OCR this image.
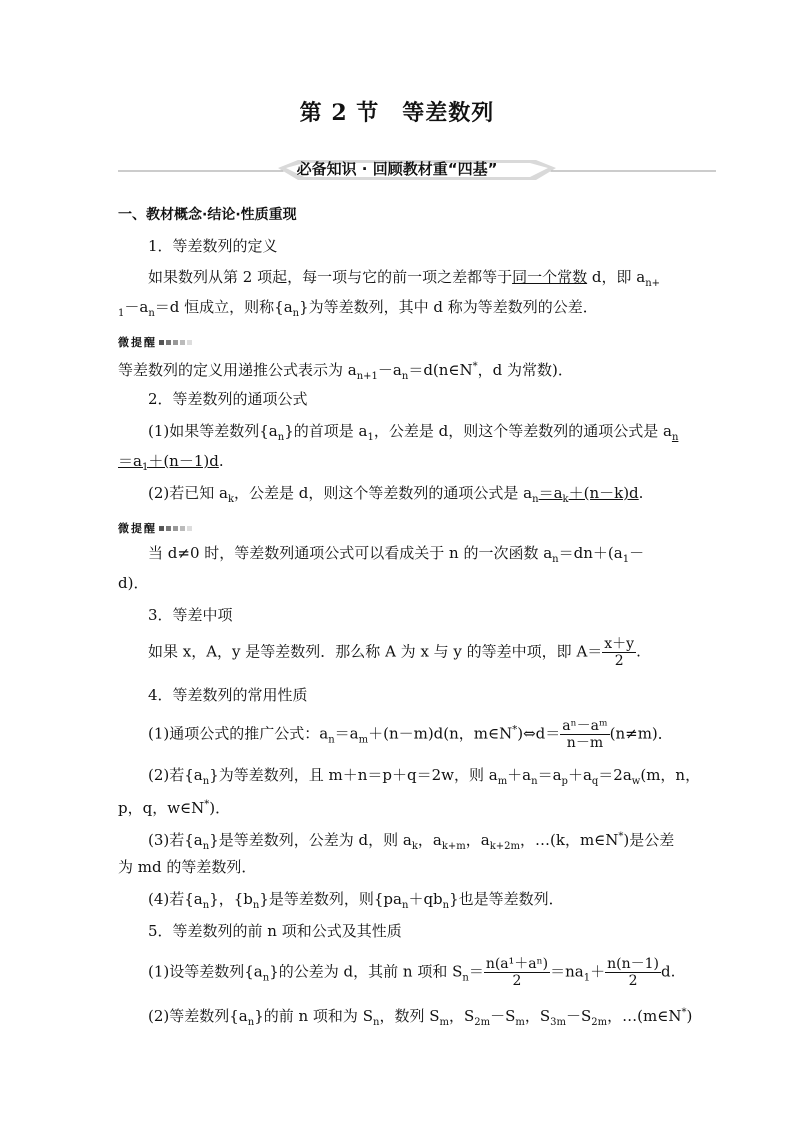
第 2 节　等差数列
必备知识 · 回顾教材重“四基”
一、教材概念·结论·性质重现
1．等差数列的定义
如果数列从第 2 项起，每一项与它的前一项之差都等于同一个常数 d，即 $a_{n+}$
$_1-a_n=d$ 恒成立，则称$\{a_n\}$为等差数列，其中 d 称为等差数列的公差．
微提醒
等差数列的定义用递推公式表示为 $a_{n+1}-a_n=d(n\in N^*$，d 为常数)．
2．等差数列的通项公式
(1)如果等差数列$\{a_n\}$的首项是 $a_1$，公差是 d，则这个等差数列的通项公式是 $a_n$
$=a_1+(n-1)d$.
(2)若已知 $a_k$，公差是 d，则这个等差数列的通项公式是 $a_n=a_k+(n-k)d$.
微提醒
当 d≠0 时，等差数列通项公式可以看成关于 n 的一次函数 $a_n=dn+(a_1-$
d)．
3．等差中项
如果 x，A，y 是等差数列．那么称 A 为 x 与 y 的等差中项，即 $A= \frac{x+y}{2}$ .
4．等差数列的常用性质
(1)通项公式的推广公式：$a_n=a_m+(n-m)d(n$，m∈N*)⇔d＝ $\frac{\text{aⁿ－aᵐ}}{n-m} (n\ne m)$．
(2)若$\{a_n\}$为等差数列，且 m＋n＝p＋q＝2w，则 $a_m+a_n=a_p+a_q=2a_w(m$，n，
p，q，w∈N*)．
(3)若$\{a_n\}$是等差数列，公差为 d，则 $a_k$，$a_{k+m}$，$a_{k+2m}$，…(k，m∈N*)是公差
为 md 的等差数列．
(4)若$\{a_n\}$，$\{b_n\}$是等差数列，则$\{pa_n+qb_n\}$也是等差数列．
5．等差数列的前 n 项和公式及其性质
(1)设等差数列$\{a_n\}$的公差为 d，其前 n 项和 $S_n= \frac{\text{n(a¹＋aⁿ)}}{2} =na_1+ \frac{n(n-1)}{2} d$.
(2)等差数列$\{a_n\}$的前 n 项和为 $S_n$，数列 $S_m$，$S_{2m}-S_m$，$S_{3m}-S_{2m}$，…(m∈N*)
